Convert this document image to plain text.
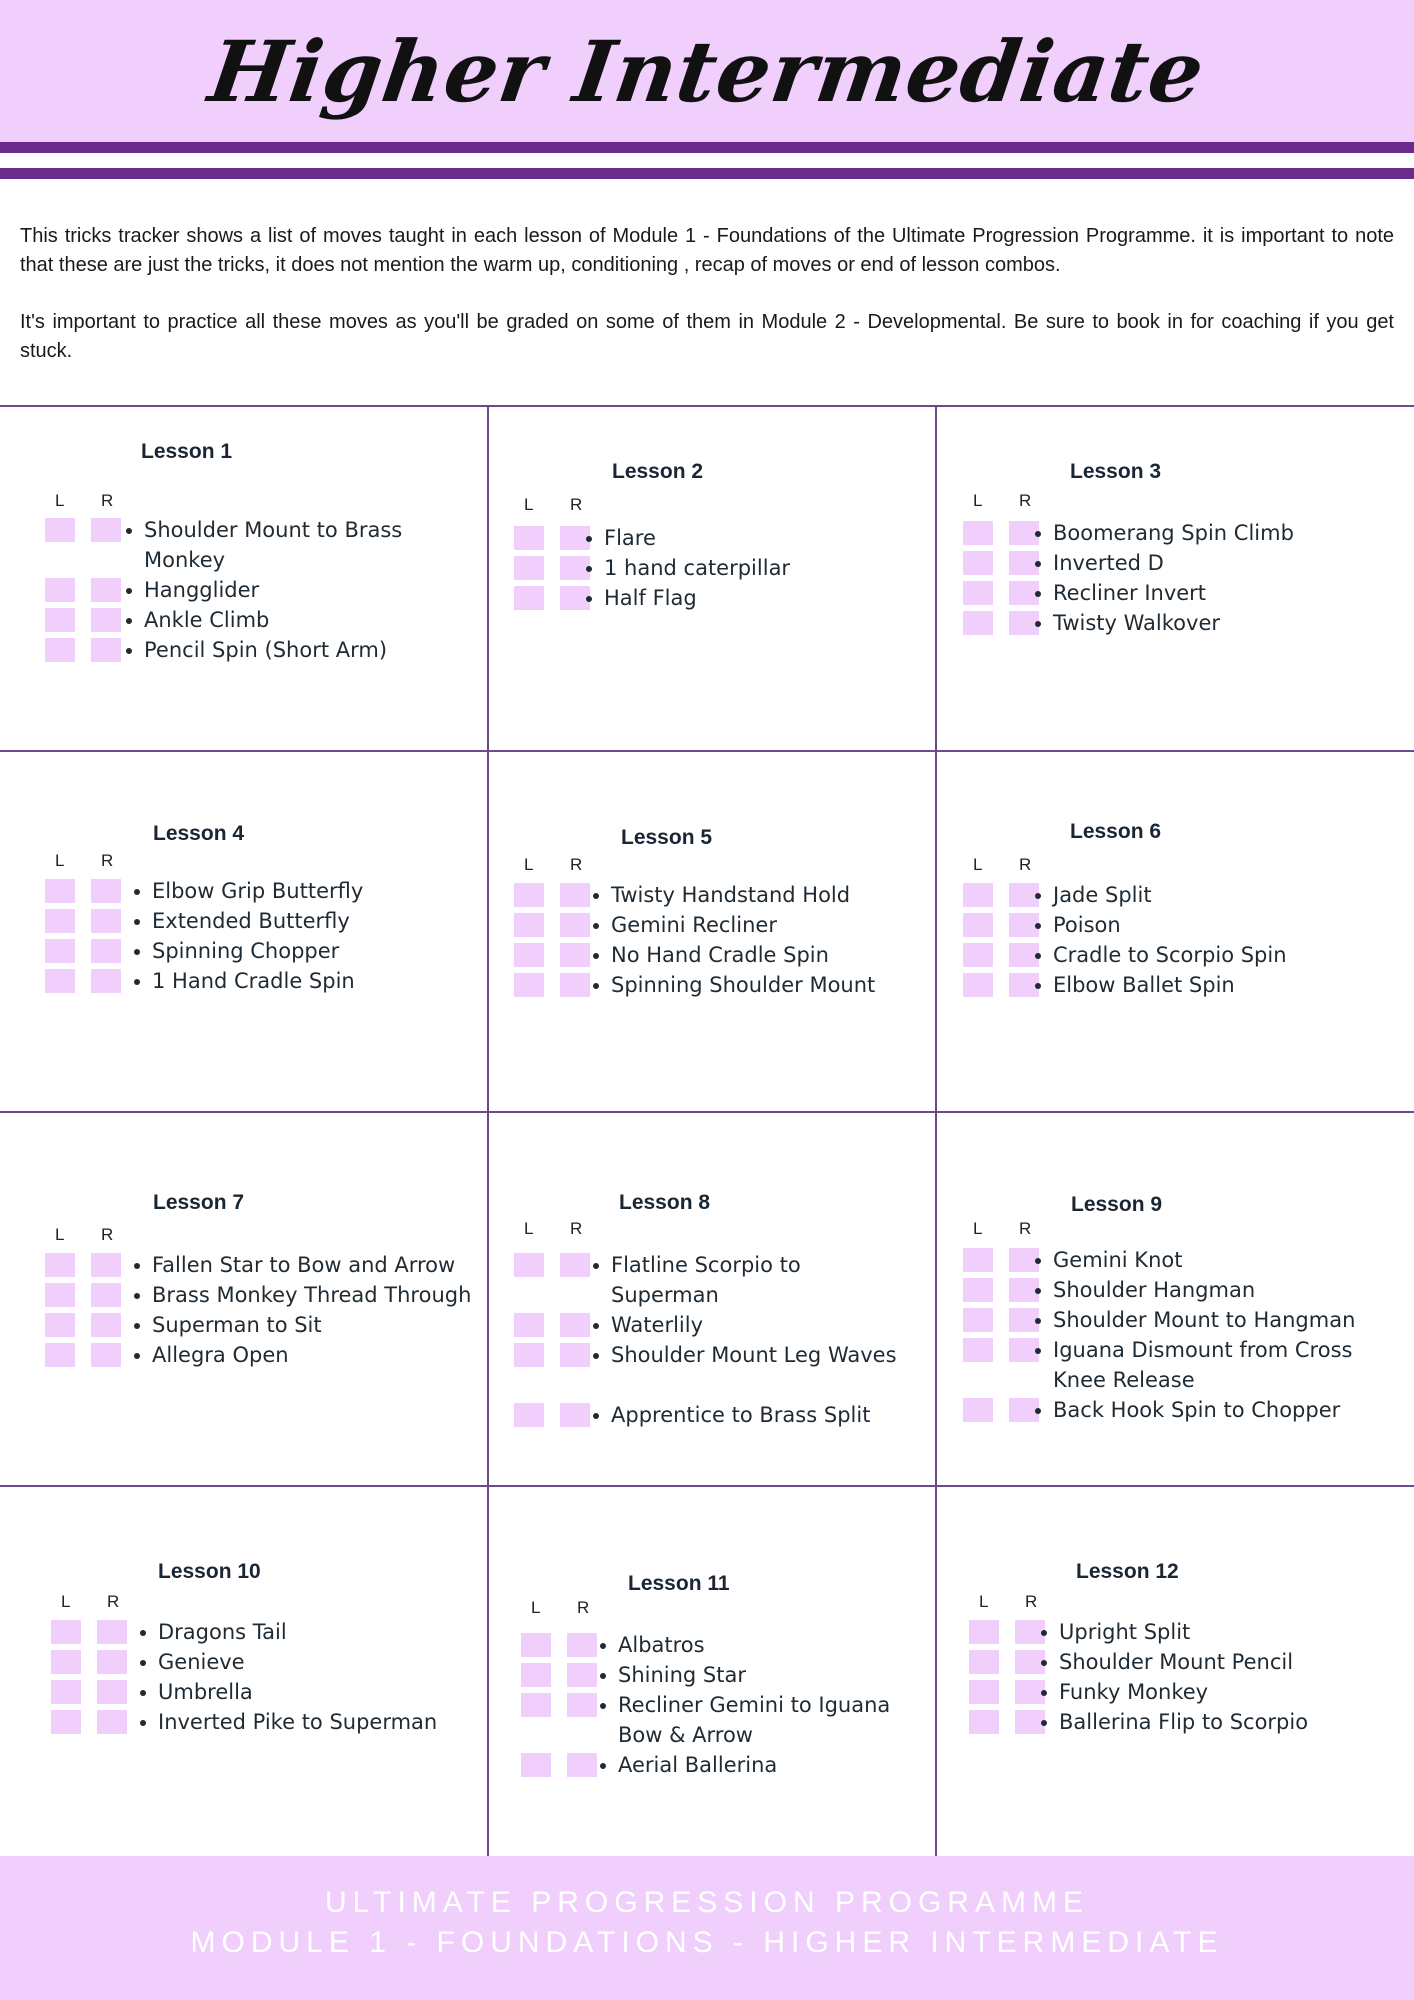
Higher Intermediate

This tricks tracker shows a list of moves taught in each lesson of Module 1 - Foundations of the Ultimate Progression Programme. it is important to note that these are just the tricks, it does not mention the warm up, conditioning , recap of moves or end of lesson combos.

It's important to practice all these moves as you'll be graded on some of them in Module 2 - Developmental. Be sure to book in for coaching if you get stuck.

Lesson 1
L R
Shoulder Mount to Brass Monkey
Hangglider
Ankle Climb
Pencil Spin (Short Arm)
Lesson 2
L R
Flare
1 hand caterpillar
Half Flag
Lesson 3
L R
Boomerang Spin Climb
Inverted D
Recliner Invert
Twisty Walkover
Lesson 4
L R
Elbow Grip Butterfly
Extended Butterfly
Spinning Chopper
1 Hand Cradle Spin
Lesson 5
L R
Twisty Handstand Hold
Gemini Recliner
No Hand Cradle Spin
Spinning Shoulder Mount
Lesson 6
L R
Jade Split
Poison
Cradle to Scorpio Spin
Elbow Ballet Spin
Lesson 7
L R
Fallen Star to Bow and Arrow
Brass Monkey Thread Through
Superman to Sit
Allegra Open
Lesson 8
L R
Flatline Scorpio to Superman
Waterlily
Shoulder Mount Leg Waves
Apprentice to Brass Split
Lesson 9
L R
Gemini Knot
Shoulder Hangman
Shoulder Mount to Hangman
Iguana Dismount from Cross Knee Release
Back Hook Spin to Chopper
Lesson 10
L R
Dragons Tail
Genieve
Umbrella
Inverted Pike to Superman
Lesson 11
L R
Albatros
Shining Star
Recliner Gemini to Iguana Bow & Arrow
Aerial Ballerina
Lesson 12
L R
Upright Split
Shoulder Mount Pencil
Funky Monkey
Ballerina Flip to Scorpio
ULTIMATE PROGRESSION PROGRAMME
MODULE 1 - FOUNDATIONS - HIGHER INTERMEDIATE
